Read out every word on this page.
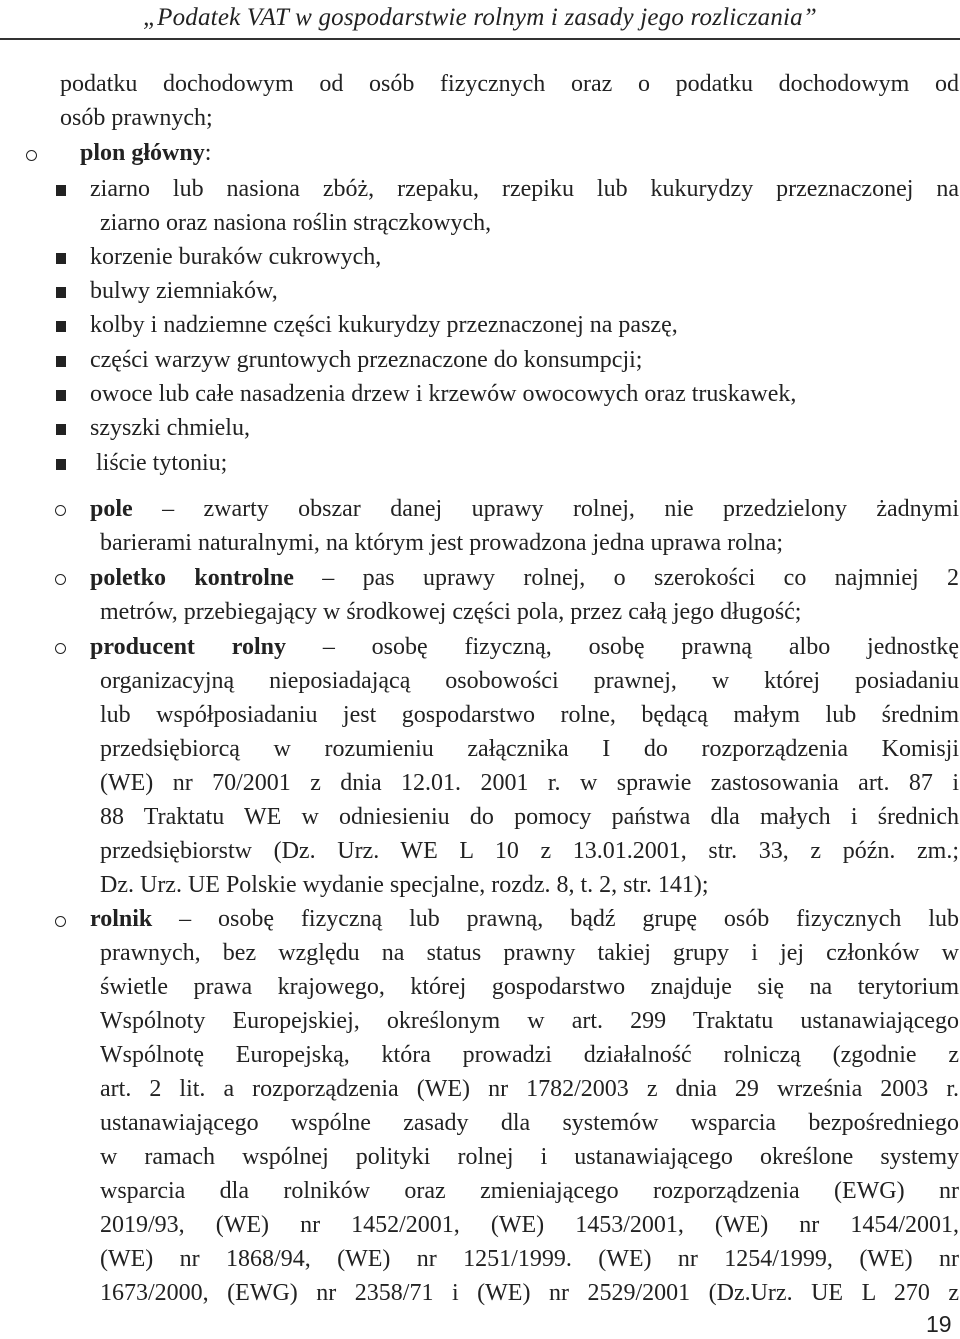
„Podatek VAT w gospodarstwie rolnym i zasady jego rozliczania”
podatku dochodowym od osób fizycznych oraz o podatku dochodowym od
osób prawnych;
plon główny:
ziarno lub nasiona zbóż, rzepaku, rzepiku lub kukurydzy przeznaczonej na
ziarno oraz nasiona roślin strączkowych,
korzenie buraków cukrowych,
bulwy ziemniaków,
kolby i nadziemne części kukurydzy przeznaczonej na paszę,
części warzyw gruntowych przeznaczone do konsumpcji;
owoce lub całe nasadzenia drzew i krzewów owocowych oraz truskawek,
szyszki chmielu,
liście tytoniu;
pole – zwarty obszar danej uprawy rolnej, nie przedzielony żadnymi
barierami naturalnymi, na którym jest prowadzona jedna uprawa rolna;
poletko kontrolne – pas uprawy rolnej, o szerokości co najmniej 2
metrów, przebiegający w środkowej części pola, przez całą jego długość;
producent rolny – osobę fizyczną, osobę prawną albo jednostkę
organizacyjną nieposiadającą osobowości prawnej, w której posiadaniu
lub współposiadaniu jest gospodarstwo rolne, będącą małym lub średnim
przedsiębiorcą w rozumieniu załącznika I do rozporządzenia Komisji
(WE) nr 70/2001 z dnia 12.01. 2001 r. w sprawie zastosowania art. 87 i
88 Traktatu WE w odniesieniu do pomocy państwa dla małych i średnich
przedsiębiorstw (Dz. Urz. WE L 10 z 13.01.2001, str. 33, z późn. zm.;
Dz. Urz. UE Polskie wydanie specjalne, rozdz. 8, t. 2, str. 141);
rolnik – osobę fizyczną lub prawną, bądź grupę osób fizycznych lub
prawnych, bez względu na status prawny takiej grupy i jej członków w
świetle prawa krajowego, której gospodarstwo znajduje się na terytorium
Wspólnoty Europejskiej, określonym w art. 299 Traktatu ustanawiającego
Wspólnotę Europejską, która prowadzi działalność rolniczą (zgodnie z
art. 2 lit. a rozporządzenia (WE) nr 1782/2003 z dnia 29 września 2003 r.
ustanawiającego wspólne zasady dla systemów wsparcia bezpośredniego
w ramach wspólnej polityki rolnej i ustanawiającego określone systemy
wsparcia dla rolników oraz zmieniającego rozporządzenia (EWG) nr
2019/93, (WE) nr 1452/2001, (WE) 1453/2001, (WE) nr 1454/2001,
(WE) nr 1868/94, (WE) nr 1251/1999. (WE) nr 1254/1999, (WE) nr
1673/2000, (EWG) nr 2358/71 i (WE) nr 2529/2001 (Dz.Urz. UE L 270 z
19
